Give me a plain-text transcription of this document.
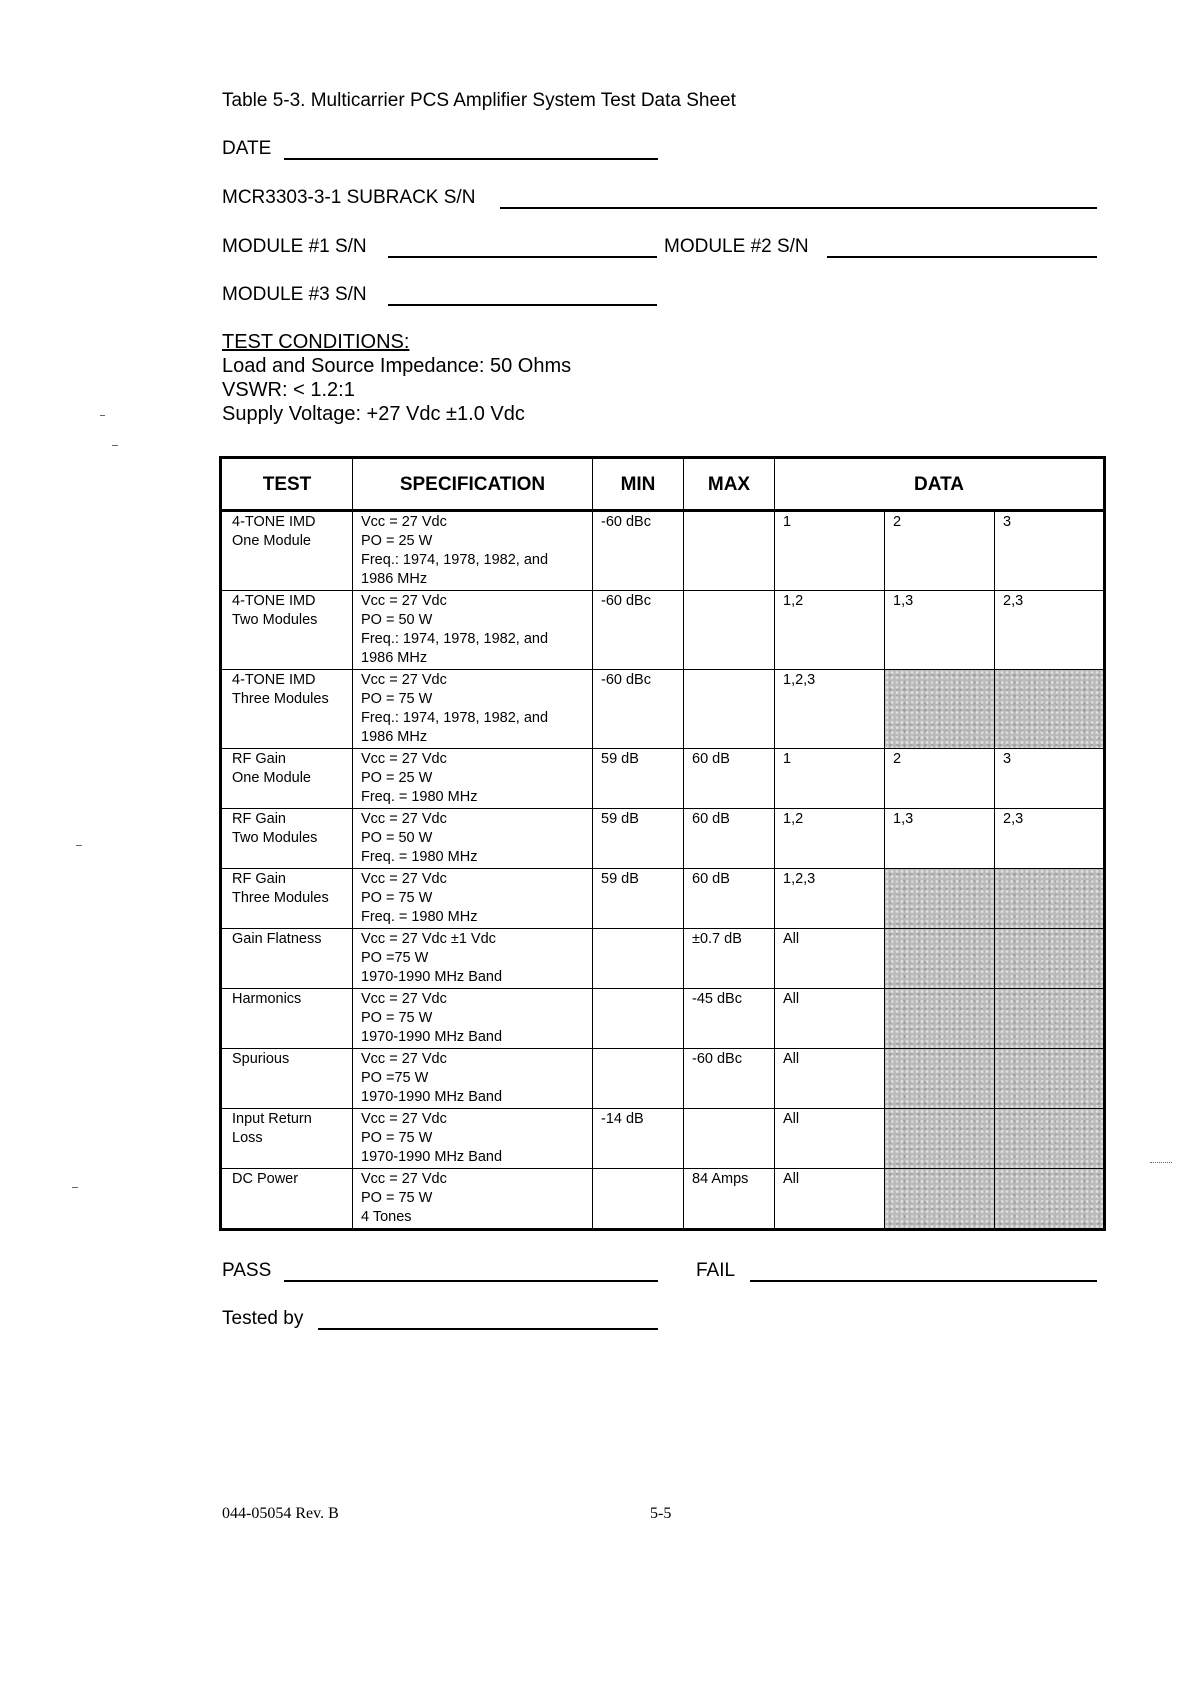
Table 5-3. Multicarrier PCS Amplifier System Test Data Sheet
DATE
MCR3303-3-1 SUBRACK S/N
MODULE #1 S/N	MODULE #2 S/N
MODULE #3 S/N
TEST CONDITIONS:
Load and Source Impedance: 50 Ohms
VSWR: < 1.2:1
Supply Voltage: +27 Vdc ±1.0 Vdc
TEST	SPECIFICATION	MIN	MAX	DATA		

4-TONE IMD
One Module	Vcc = 27 Vdc
PO = 25 W
Freq.: 1974, 1978, 1982, and
1986 MHz	-60 dBc		1	2	3

4-TONE IMD
Two Modules	Vcc = 27 Vdc
PO = 50 W
Freq.: 1974, 1978, 1982, and
1986 MHz	-60 dBc		1,2	1,3	2,3

4-TONE IMD
Three Modules	Vcc = 27 Vdc
PO = 75 W
Freq.: 1974, 1978, 1982, and
1986 MHz	-60 dBc		1,2,3		

RF Gain
One Module	Vcc = 27 Vdc
PO = 25 W
Freq. = 1980 MHz	59 dB	60 dB	1	2	3

RF Gain
Two Modules	Vcc = 27 Vdc
PO = 50 W
Freq. = 1980 MHz	59 dB	60 dB	1,2	1,3	2,3

RF Gain
Three Modules	Vcc = 27 Vdc
PO = 75 W
Freq. = 1980 MHz	59 dB	60 dB	1,2,3		

Gain Flatness	Vcc = 27 Vdc ±1 Vdc
PO =75 W
1970-1990 MHz Band		±0.7 dB	All		

Harmonics	Vcc = 27 Vdc
PO = 75 W
1970-1990 MHz Band		-45 dBc	All		

Spurious	Vcc = 27 Vdc
PO =75 W
1970-1990 MHz Band		-60 dBc	All		

Input Return
Loss	Vcc = 27 Vdc
PO = 75 W
1970-1990 MHz Band	-14 dB		All		

DC Power	Vcc = 27 Vdc
PO = 75 W
4 Tones		84 Amps	All		
PASS	FAIL
Tested by
044-05054 Rev. B	5-5
